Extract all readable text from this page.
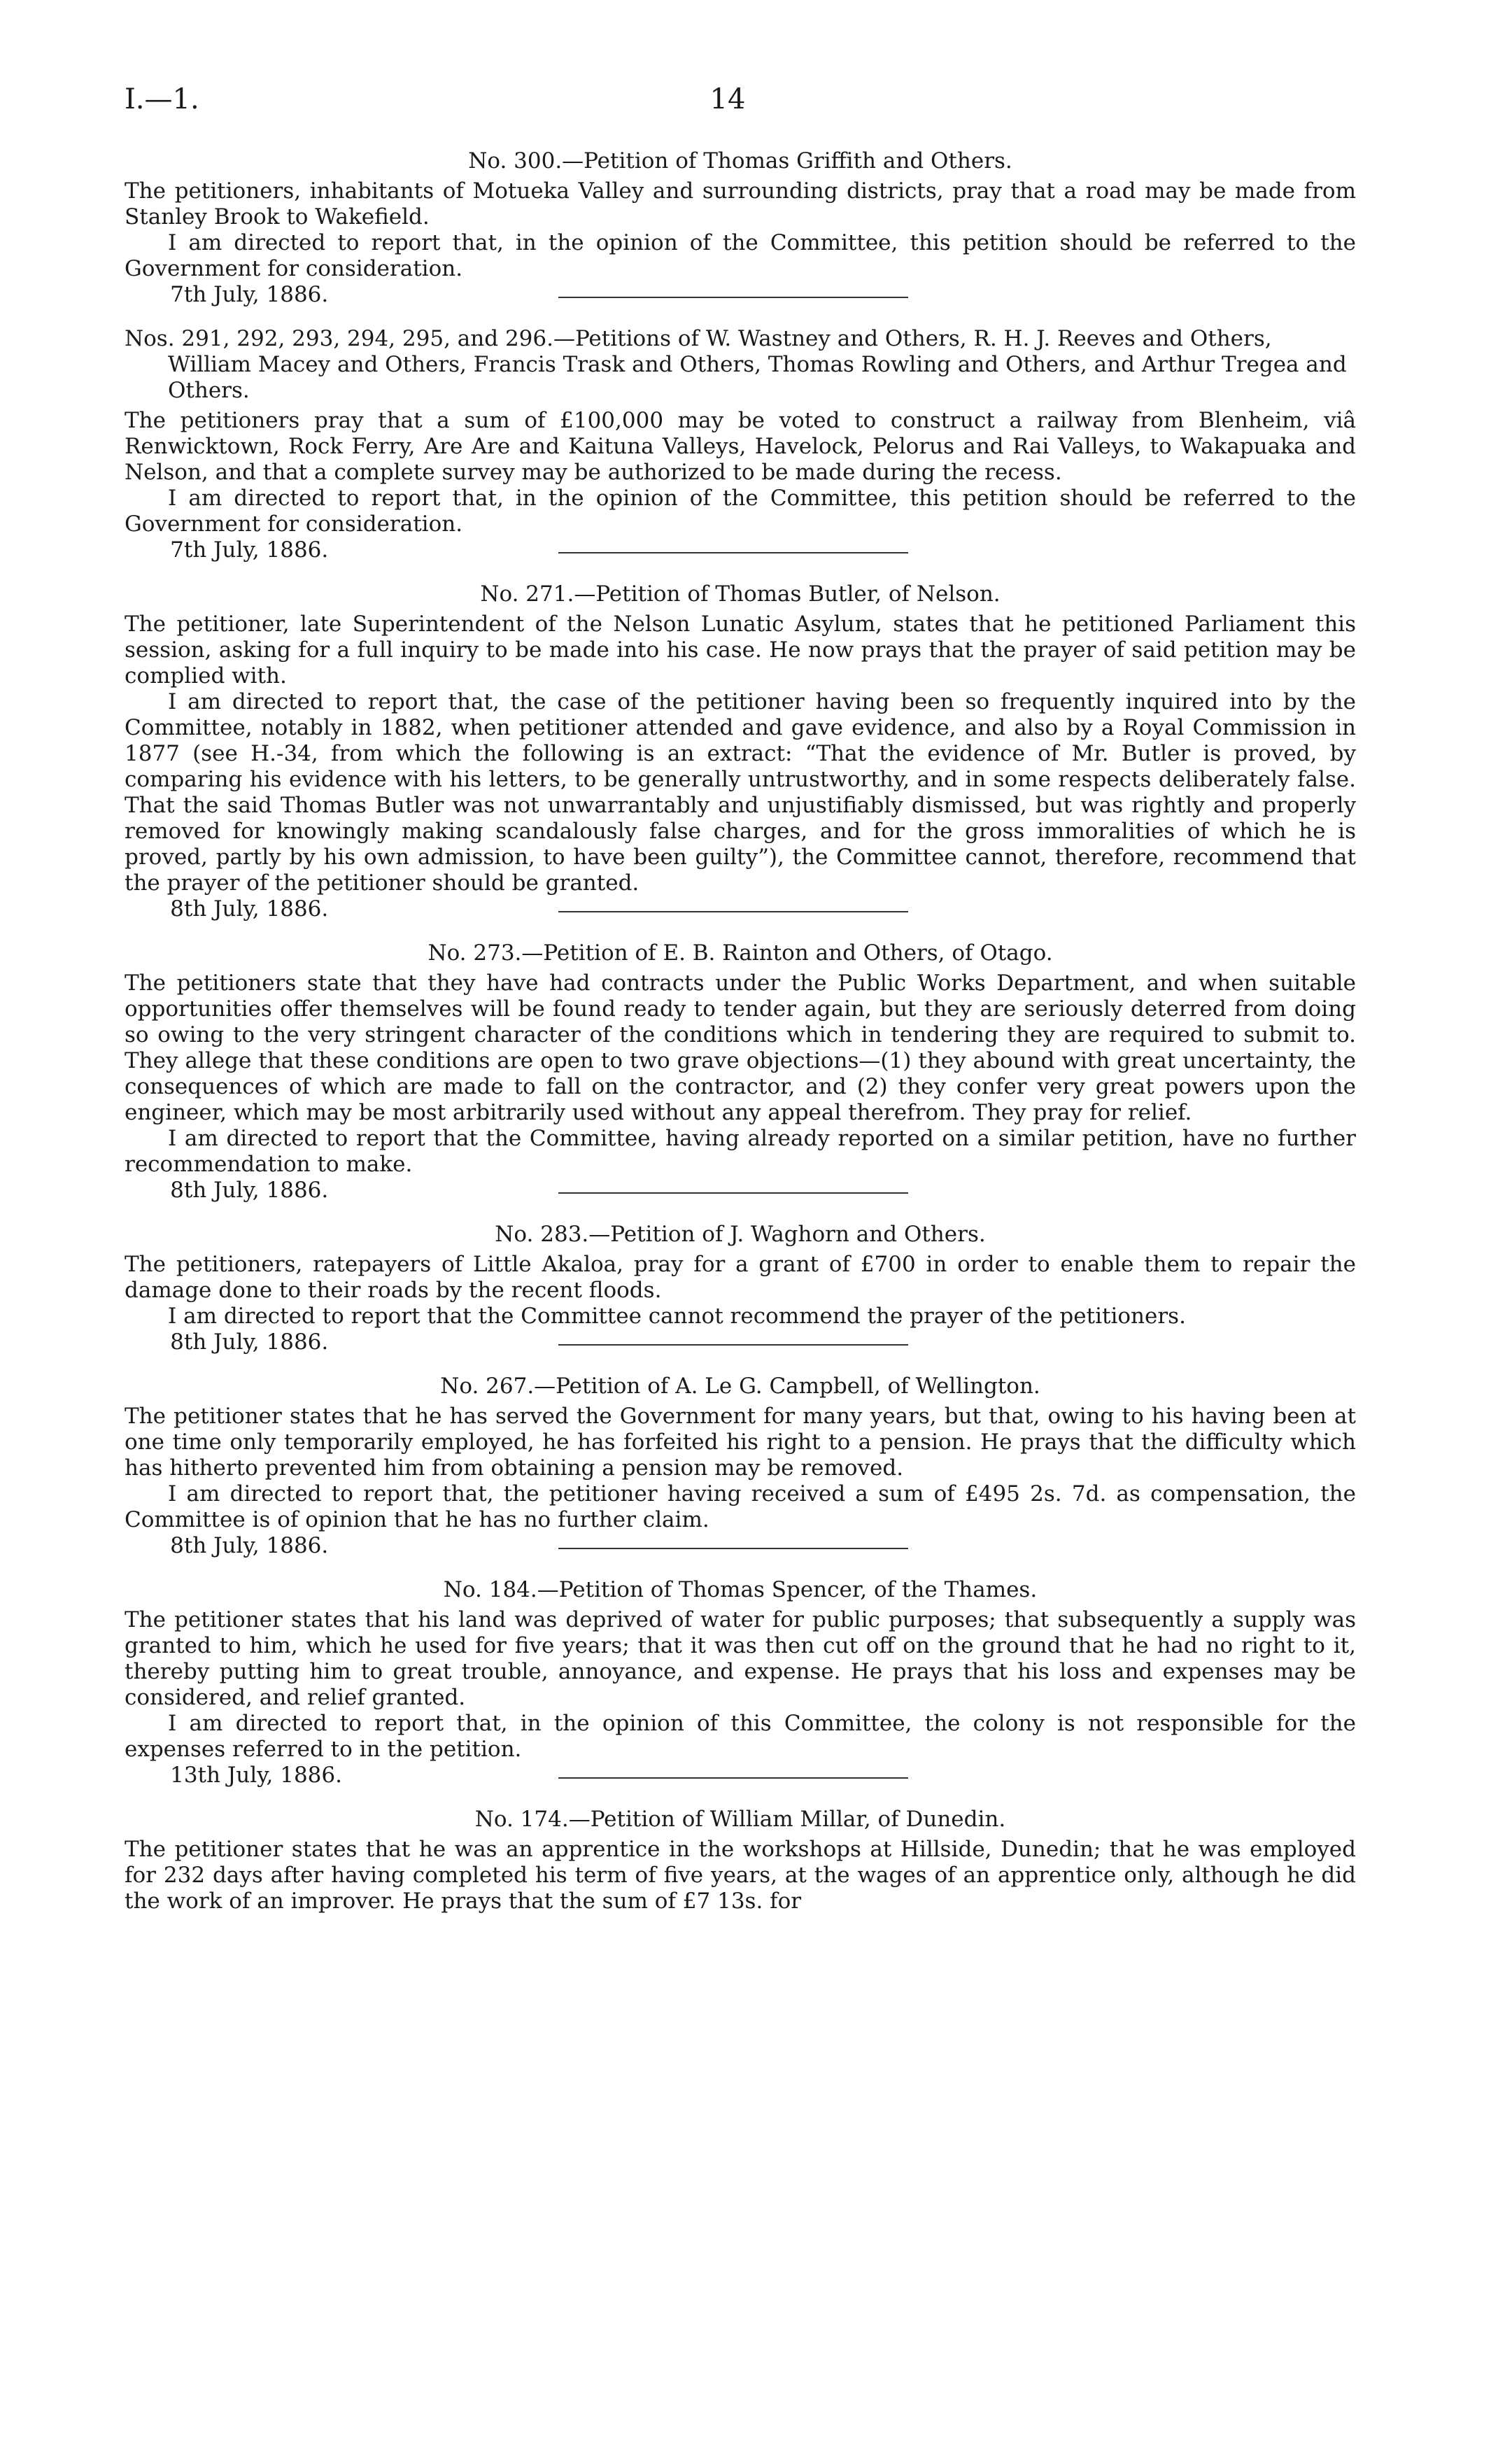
I.—1.	14

No. 300.—Petition of Thomas Griffith and Others.

The petitioners, inhabitants of Motueka Valley and surrounding districts, pray that a road may be made from Stanley Brook to Wakefield.

I am directed to report that, in the opinion of the Committee, this petition should be referred to the Government for consideration.

7th July, 1886.

Nos. 291, 292, 293, 294, 295, and 296.—Petitions of W. Wastney and Others, R. H. J. Reeves and Others, William Macey and Others, Francis Trask and Others, Thomas Rowling and Others, and Arthur Tregea and Others.

The petitioners pray that a sum of £100,000 may be voted to construct a railway from Blenheim, viâ Renwicktown, Rock Ferry, Are Are and Kaituna Valleys, Havelock, Pelorus and Rai Valleys, to Wakapuaka and Nelson, and that a complete survey may be authorized to be made during the recess.

I am directed to report that, in the opinion of the Committee, this petition should be referred to the Government for consideration.

7th July, 1886.

No. 271.—Petition of Thomas Butler, of Nelson.

The petitioner, late Superintendent of the Nelson Lunatic Asylum, states that he petitioned Parliament this session, asking for a full inquiry to be made into his case. He now prays that the prayer of said petition may be complied with.

I am directed to report that, the case of the petitioner having been so frequently inquired into by the Committee, notably in 1882, when petitioner attended and gave evidence, and also by a Royal Commission in 1877 (see H.-34, from which the following is an extract: “That the evidence of Mr. Butler is proved, by comparing his evidence with his letters, to be generally untrustworthy, and in some respects deliberately false. That the said Thomas Butler was not unwarrantably and unjustifiably dismissed, but was rightly and properly removed for knowingly making scandalously false charges, and for the gross immoralities of which he is proved, partly by his own admission, to have been guilty”), the Committee cannot, therefore, recommend that the prayer of the petitioner should be granted.

8th July, 1886.

No. 273.—Petition of E. B. Rainton and Others, of Otago.

The petitioners state that they have had contracts under the Public Works Department, and when suitable opportunities offer themselves will be found ready to tender again, but they are seriously deterred from doing so owing to the very stringent character of the conditions which in tendering they are required to submit to. They allege that these conditions are open to two grave objections—(1) they abound with great uncertainty, the consequences of which are made to fall on the contractor, and (2) they confer very great powers upon the engineer, which may be most arbitrarily used without any appeal therefrom. They pray for relief.

I am directed to report that the Committee, having already reported on a similar petition, have no further recommendation to make.

8th July, 1886.

No. 283.—Petition of J. Waghorn and Others.

The petitioners, ratepayers of Little Akaloa, pray for a grant of £700 in order to enable them to repair the damage done to their roads by the recent floods.

I am directed to report that the Committee cannot recommend the prayer of the petitioners.

8th July, 1886.

No. 267.—Petition of A. Le G. Campbell, of Wellington.

The petitioner states that he has served the Government for many years, but that, owing to his having been at one time only temporarily employed, he has forfeited his right to a pension. He prays that the difficulty which has hitherto prevented him from obtaining a pension may be removed.

I am directed to report that, the petitioner having received a sum of £495 2s. 7d. as compensation, the Committee is of opinion that he has no further claim.

8th July, 1886.

No. 184.—Petition of Thomas Spencer, of the Thames.

The petitioner states that his land was deprived of water for public purposes; that subsequently a supply was granted to him, which he used for five years; that it was then cut off on the ground that he had no right to it, thereby putting him to great trouble, annoyance, and expense. He prays that his loss and expenses may be considered, and relief granted.

I am directed to report that, in the opinion of this Committee, the colony is not responsible for the expenses referred to in the petition.

13th July, 1886.

No. 174.—Petition of William Millar, of Dunedin.

The petitioner states that he was an apprentice in the workshops at Hillside, Dunedin; that he was employed for 232 days after having completed his term of five years, at the wages of an apprentice only, although he did the work of an improver. He prays that the sum of £7 13s. for
